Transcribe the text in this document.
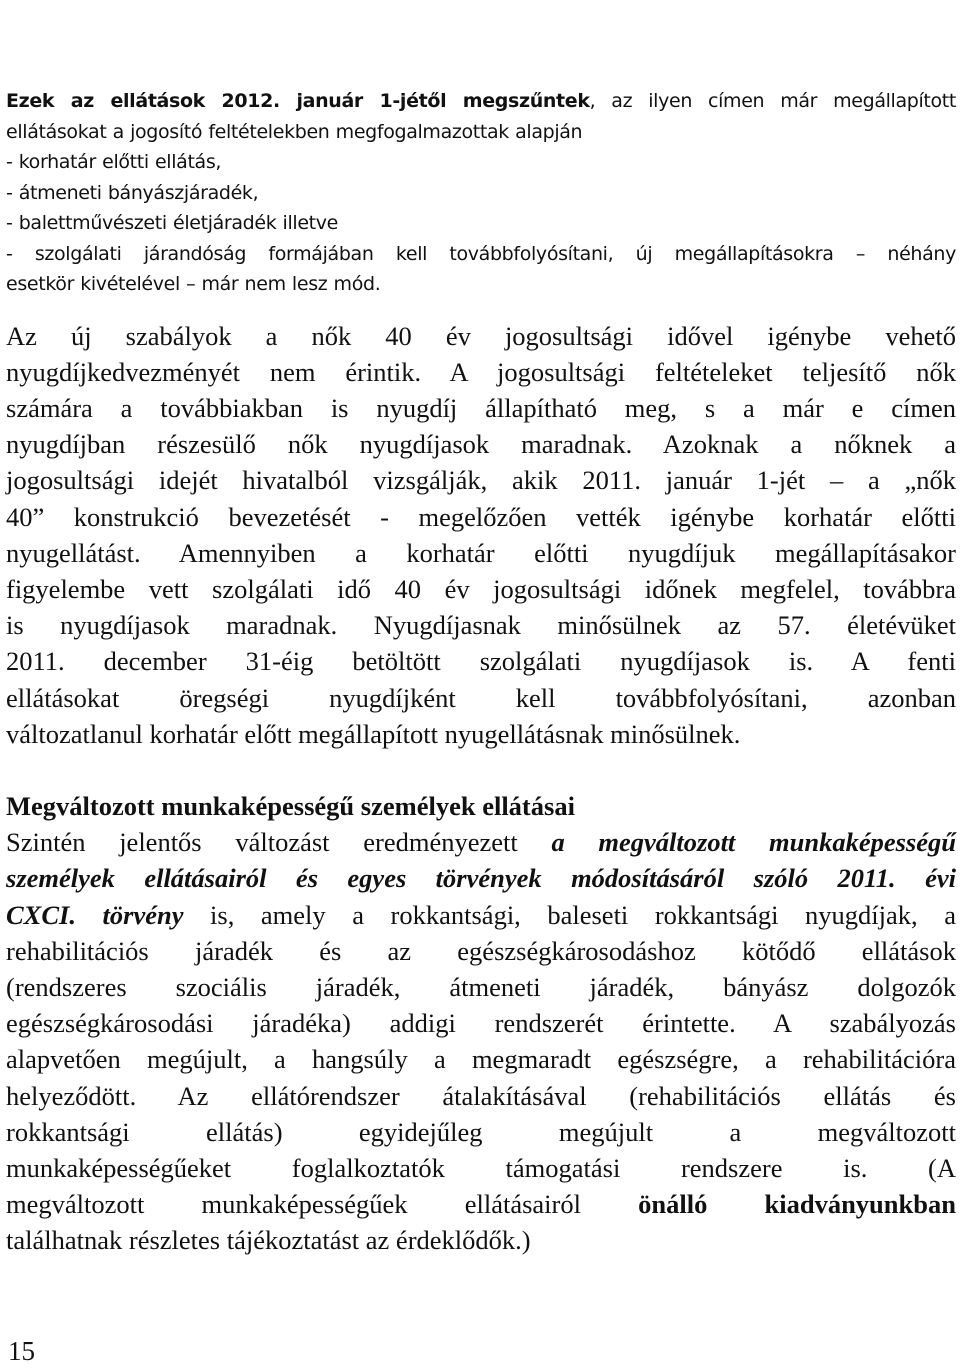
Ezek az ellátások 2012. január 1-jétől megszűntek, az ilyen címen már megállapított
ellátásokat a jogosító feltételekben megfogalmazottak alapján
- korhatár előtti ellátás,
- átmeneti bányászjáradék,
- balettművészeti életjáradék illetve
- szolgálati járandóság formájában kell továbbfolyósítani, új megállapításokra – néhány
esetkör kivételével – már nem lesz mód.

Az új szabályok a nők 40 év jogosultsági idővel igénybe vehető
nyugdíjkedvezményét nem érintik. A jogosultsági feltételeket teljesítő nők
számára a továbbiakban is nyugdíj állapítható meg, s a már e címen
nyugdíjban részesülő nők nyugdíjasok maradnak. Azoknak a nőknek a
jogosultsági idejét hivatalból vizsgálják, akik 2011. január 1-jét – a „nők
40” konstrukció bevezetését - megelőzően vették igénybe korhatár előtti
nyugellátást. Amennyiben a korhatár előtti nyugdíjuk megállapításakor
figyelembe vett szolgálati idő 40 év jogosultsági időnek megfelel, továbbra
is nyugdíjasok maradnak. Nyugdíjasnak minősülnek az 57. életévüket
2011. december 31-éig betöltött szolgálati nyugdíjasok is. A fenti
ellátásokat öregségi nyugdíjként kell továbbfolyósítani, azonban
változatlanul korhatár előtt megállapított nyugellátásnak minősülnek.

Megváltozott munkaképességű személyek ellátásai

Szintén jelentős változást eredményezett a megváltozott munkaképességű
személyek ellátásairól és egyes törvények módosításáról szóló 2011. évi
CXCI. törvény is, amely a rokkantsági, baleseti rokkantsági nyugdíjak, a
rehabilitációs járadék és az egészségkárosodáshoz kötődő ellátások
(rendszeres szociális járadék, átmeneti járadék, bányász dolgozók
egészségkárosodási járadéka) addigi rendszerét érintette. A szabályozás
alapvetően megújult, a hangsúly a megmaradt egészségre, a rehabilitációra
helyeződött. Az ellátórendszer átalakításával (rehabilitációs ellátás és
rokkantsági ellátás) egyidejűleg megújult a megváltozott
munkaképességűeket foglalkoztatók támogatási rendszere is. (A
megváltozott munkaképességűek ellátásairól önálló kiadványunkban
találhatnak részletes tájékoztatást az érdeklődők.)

15
